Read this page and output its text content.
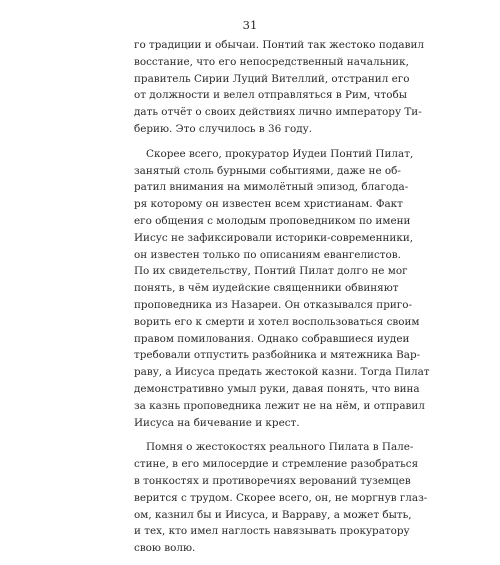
31
го традиции и обычаи. Понтий так жестоко подавил
восстание, что его непосредственный начальник,
правитель Сирии Луций Вителлий, отстранил его
от должности и велел отправляться в Рим, чтобы
дать отчёт о своих действиях лично императору Ти-
берию. Это случилось в 36 году.
Скорее всего, прокуратор Иудеи Понтий Пилат,
занятый столь бурными событиями, даже не об-
ратил внимания на мимолётный эпизод, благода-
ря которому он известен всем христианам. Факт
его общения с молодым проповедником по имени
Иисус не зафиксировали историки-современники,
он известен только по описаниям евангелистов.
По их свидетельству, Понтий Пилат долго не мог
понять, в чём иудейские священники обвиняют
проповедника из Назареи. Он отказывался приго-
ворить его к смерти и хотел воспользоваться своим
правом помилования. Однако собравшиеся иудеи
требовали отпустить разбойника и мятежника Вар-
раву, а Иисуса предать жестокой казни. Тогда Пилат
демонстративно умыл руки, давая понять, что вина
за казнь проповедника лежит не на нём, и отправил
Иисуса на бичевание и крест.
Помня о жестокостях реального Пилата в Пале-
стине, в его милосердие и стремление разобраться
в тонкостях и противоречиях верований туземцев
верится с трудом. Скорее всего, он, не моргнув глаз-
ом, казнил бы и Иисуса, и Варраву, а может быть,
и тех, кто имел наглость навязывать прокуратору
свою волю.
